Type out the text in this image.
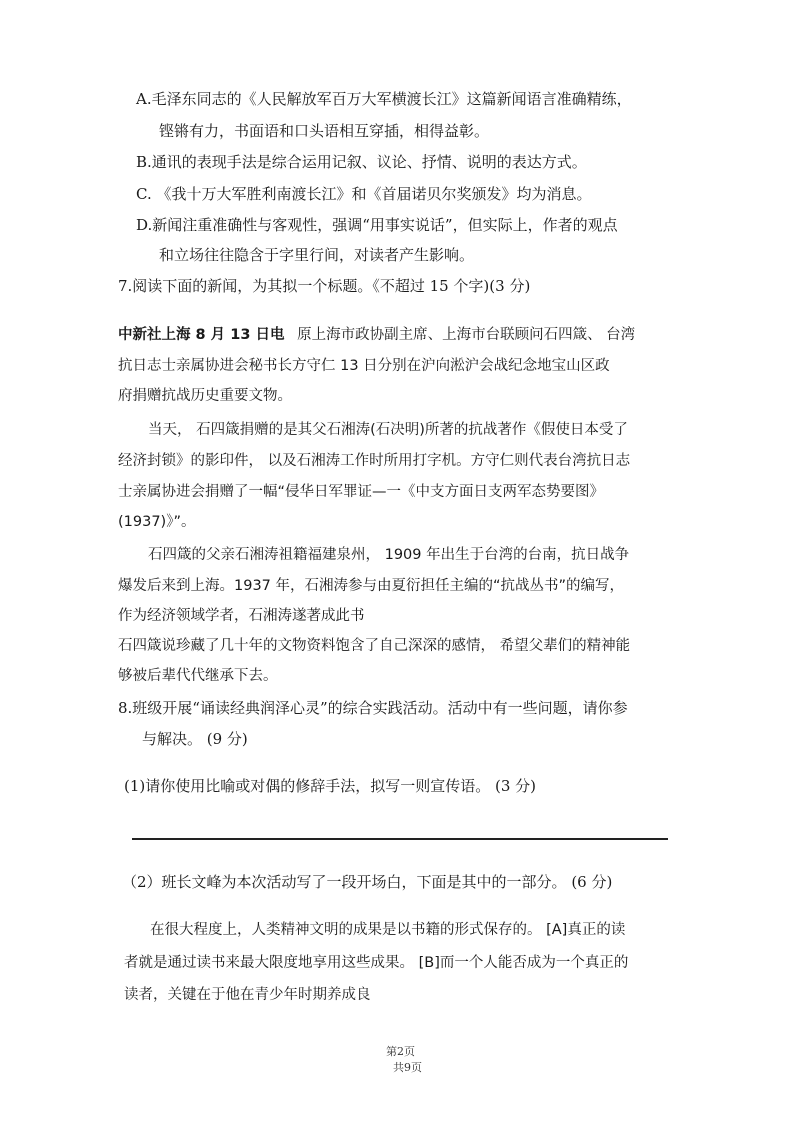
A.毛泽东同志的《人民解放军百万大军横渡长江》这篇新闻语言准确精练，
铿锵有力，书面语和口头语相互穿插，相得益彰。
B.通讯的表现手法是综合运用记叙、议论、抒情、说明的表达方式。
C. 《我十万大军胜利南渡长江》和《首届诺贝尔奖颁发》均为消息。
D.新闻注重准确性与客观性，强调“用事实说话”，但实际上，作者的观点
和立场往往隐含于字里行间，对读者产生影响。
7.阅读下面的新闻，为其拟一个标题。《不超过 15 个字)(3 分)
中新社上海 8 月 13 日电 原上海市政协副主席、上海市台联顾问石四箴、 台湾
抗日志士亲属协进会秘书长方守仁 13 日分别在沪向淞沪会战纪念地宝山区政
府捐赠抗战历史重要文物。
当天， 石四箴捐赠的是其父石湘涛(石决明)所著的抗战著作《假使日本受了
经济封锁》的影印件， 以及石湘涛工作时所用打字机。方守仁则代表台湾抗日志
士亲属协进会捐赠了一幅“侵华日军罪证—一《中支方面日支两军态势要图》
(1937)》”。
石四箴的父亲石湘涛祖籍福建泉州， 1909 年出生于台湾的台南，抗日战争
爆发后来到上海。1937 年，石湘涛参与由夏衍担任主编的“抗战丛书”的编写，
作为经济领域学者，石湘涛遂著成此书
石四箴说珍藏了几十年的文物资料饱含了自己深深的感情， 希望父辈们的精神能
够被后辈代代继承下去。
8.班级开展“诵读经典润泽心灵”的综合实践活动。活动中有一些问题，请你参
与解决。 (9 分)
(1)请你使用比喻或对偶的修辞手法，拟写一则宣传语。 (3 分)
（2）班长文峰为本次活动写了一段开场白，下面是其中的一部分。 (6 分)
在很大程度上，人类精神文明的成果是以书籍的形式保存的。 [A]真正的读
者就是通过读书来最大限度地享用这些成果。 [B]而一个人能否成为一个真正的
读者，关键在于他在青少年时期养成良

第2页
共9页
